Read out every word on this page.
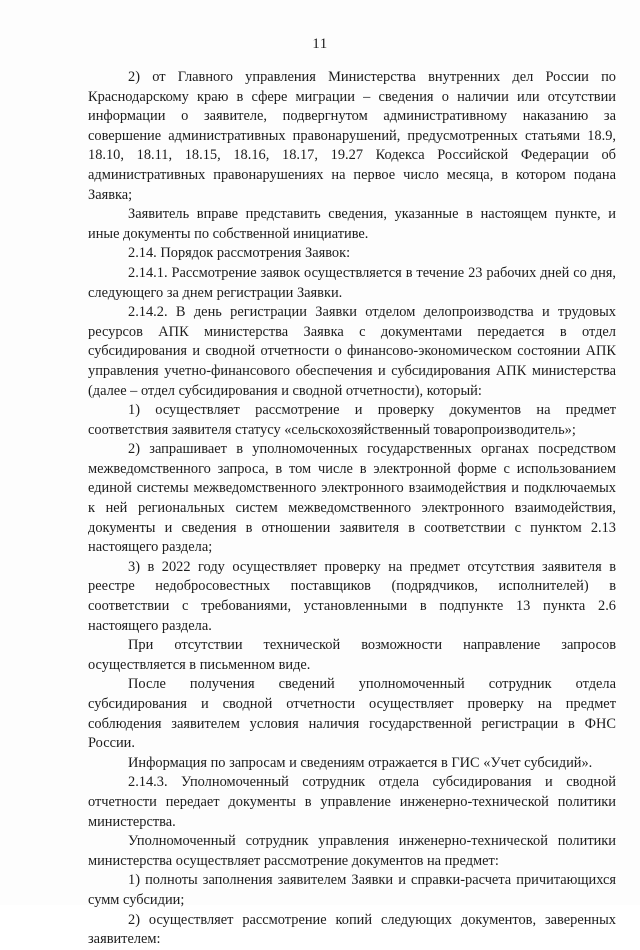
11

2) от Главного управления Министерства внутренних дел России по Краснодарскому краю в сфере миграции – сведения о наличии или отсутствии информации о заявителе, подвергнутом административному наказанию за совершение административных правонарушений, предусмотренных статьями 18.9, 18.10, 18.11, 18.15, 18.16, 18.17, 19.27 Кодекса Российской Федерации об административных правонарушениях на первое число месяца, в котором подана Заявка;

Заявитель вправе представить сведения, указанные в настоящем пункте, и иные документы по собственной инициативе.

2.14. Порядок рассмотрения Заявок:

2.14.1. Рассмотрение заявок осуществляется в течение 23 рабочих дней со дня, следующего за днем регистрации Заявки.

2.14.2. В день регистрации Заявки отделом делопроизводства и трудовых ресурсов АПК министерства Заявка с документами передается в отдел субсидирования и сводной отчетности о финансово-экономическом состоянии АПК управления учетно-финансового обеспечения и субсидирования АПК министерства (далее – отдел субсидирования и сводной отчетности), который:

1) осуществляет рассмотрение и проверку документов на предмет соответствия заявителя статусу «сельскохозяйственный товаропроизводитель»;

2) запрашивает в уполномоченных государственных органах посредством межведомственного запроса, в том числе в электронной форме с использованием единой системы межведомственного электронного взаимодействия и подключаемых к ней региональных систем межведомственного электронного взаимодействия, документы и сведения в отношении заявителя в соответствии с пунктом 2.13 настоящего раздела;

3) в 2022 году осуществляет проверку на предмет отсутствия заявителя в реестре недобросовестных поставщиков (подрядчиков, исполнителей) в соответствии с требованиями, установленными в подпункте 13 пункта 2.6 настоящего раздела.

При отсутствии технической возможности направление запросов осуществляется в письменном виде.

После получения сведений уполномоченный сотрудник отдела субсидирования и сводной отчетности осуществляет проверку на предмет соблюдения заявителем условия наличия государственной регистрации в ФНС России.

Информация по запросам и сведениям отражается в ГИС «Учет субсидий».

2.14.3. Уполномоченный сотрудник отдела субсидирования и сводной отчетности передает документы в управление инженерно-технической политики министерства.

Уполномоченный сотрудник управления инженерно-технической политики министерства осуществляет рассмотрение документов на предмет:

1) полноты заполнения заявителем Заявки и справки-расчета причитающихся сумм субсидии;

2) осуществляет рассмотрение копий следующих документов, заверенных заявителем:
